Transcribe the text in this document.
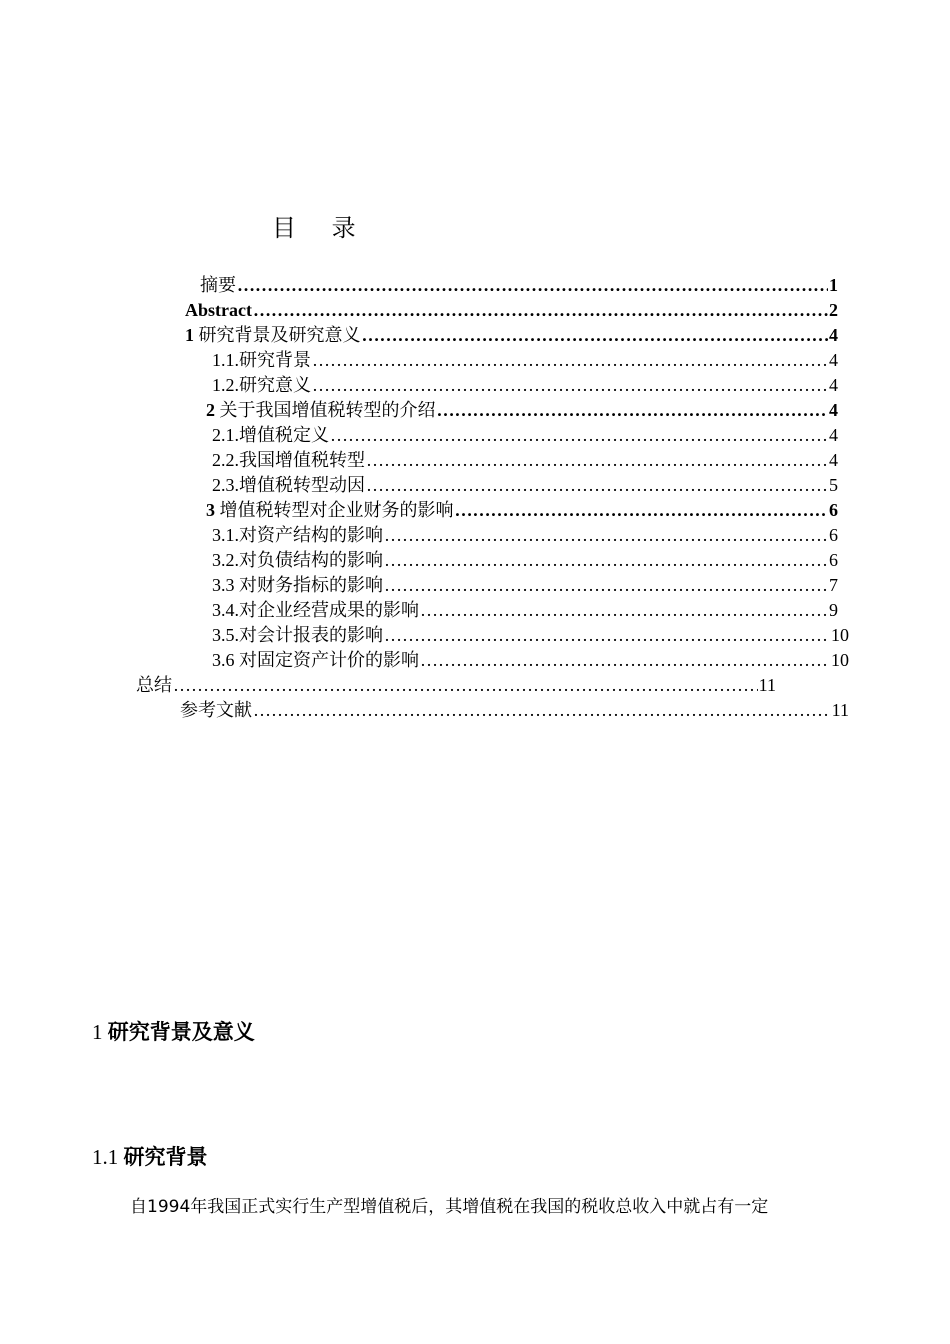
目 录
摘要 …………………………………………………………………………………………………………………………………………………………………………………………………………	1
Abstract …………………………………………………………………………………………………………………………………………………………………………………………………………	2
1 研究背景及研究意义 …………………………………………………………………………………………………………………………………………………………………………………………………………	4
1.1.研究背景 …………………………………………………………………………………………………………………………………………………………………………………………………………	4
1.2.研究意义 …………………………………………………………………………………………………………………………………………………………………………………………………………	4
2 关于我国增值税转型的介绍 …………………………………………………………………………………………………………………………………………………………………………………………………………	4
2.1.增值税定义 …………………………………………………………………………………………………………………………………………………………………………………………………………	4
2.2.我国增值税转型 …………………………………………………………………………………………………………………………………………………………………………………………………………	4
2.3.增值税转型动因 …………………………………………………………………………………………………………………………………………………………………………………………………………	5
3 增值税转型对企业财务的影响 …………………………………………………………………………………………………………………………………………………………………………………………………………	6
3.1.对资产结构的影响 …………………………………………………………………………………………………………………………………………………………………………………………………………	6
3.2.对负债结构的影响 …………………………………………………………………………………………………………………………………………………………………………………………………………	6
3.3 对财务指标的影响 …………………………………………………………………………………………………………………………………………………………………………………………………………	7
3.4.对企业经营成果的影响 …………………………………………………………………………………………………………………………………………………………………………………………………………	9
3.5.对会计报表的影响 …………………………………………………………………………………………………………………………………………………………………………………………………………	10
3.6 对固定资产计价的影响 …………………………………………………………………………………………………………………………………………………………………………………………………………	10
总结 …………………………………………………………………………………………………………………………………………………………………………………………………………	11
参考文献 …………………………………………………………………………………………………………………………………………………………………………………………………………	11
1 研究背景及意义
1.1 研究背景
自1994年我国正式实行生产型增值税后，其增值税在我国的税收总收入中就占有一定
